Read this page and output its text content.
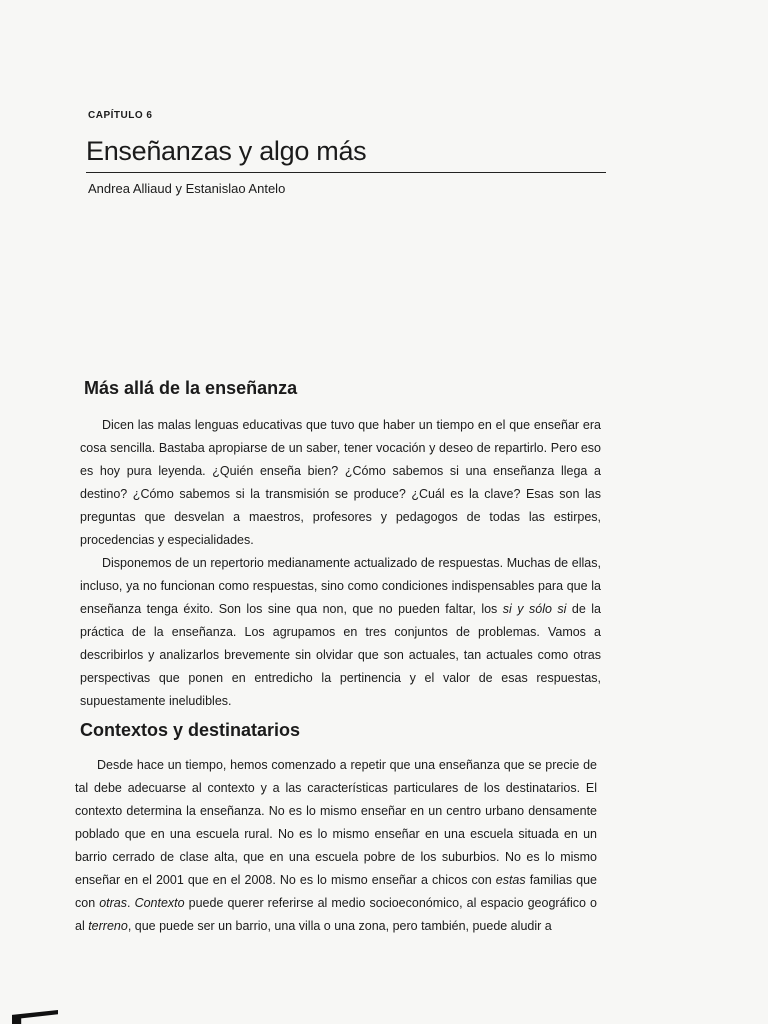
CAPÍTULO 6
Enseñanzas y algo más
Andrea Alliaud y Estanislao Antelo
Más allá de la enseñanza

Dicen las malas lenguas educativas que tuvo que haber un tiempo en el que enseñar era cosa sencilla. Bastaba apropiarse de un saber, tener vocación y deseo de repartirlo. Pero eso es hoy pura leyenda. ¿Quién enseña bien? ¿Cómo sabemos si una enseñanza llega a destino? ¿Cómo sabemos si la transmisión se produce? ¿Cuál es la clave? Esas son las preguntas que desvelan a maestros, profesores y pedagogos de todas las estirpes, procedencias y especialidades.

Disponemos de un repertorio medianamente actualizado de respuestas. Muchas de ellas, incluso, ya no funcionan como respuestas, sino como condiciones indispensables para que la enseñanza tenga éxito. Son los sine qua non, que no pueden faltar, los si y sólo si de la práctica de la enseñanza. Los agrupamos en tres conjuntos de problemas. Vamos a describirlos y analizarlos brevemente sin olvidar que son actuales, tan actuales como otras perspectivas que ponen en entredicho la pertinencia y el valor de esas respuestas, supuestamente ineludibles.

Contextos y destinatarios

Desde hace un tiempo, hemos comenzado a repetir que una enseñanza que se precie de tal debe adecuarse al contexto y a las características particulares de los destinatarios. El contexto determina la enseñanza. No es lo mismo enseñar en un centro urbano densamente poblado que en una escuela rural. No es lo mismo enseñar en una escuela situada en un barrio cerrado de clase alta, que en una escuela pobre de los suburbios. No es lo mismo enseñar en el 2001 que en el 2008. No es lo mismo enseñar a chicos con estas familias que con otras. Contexto puede querer referirse al medio socioeconómico, al espacio geográfico o al terreno, que puede ser un barrio, una villa o una zona, pero también, puede aludir a
